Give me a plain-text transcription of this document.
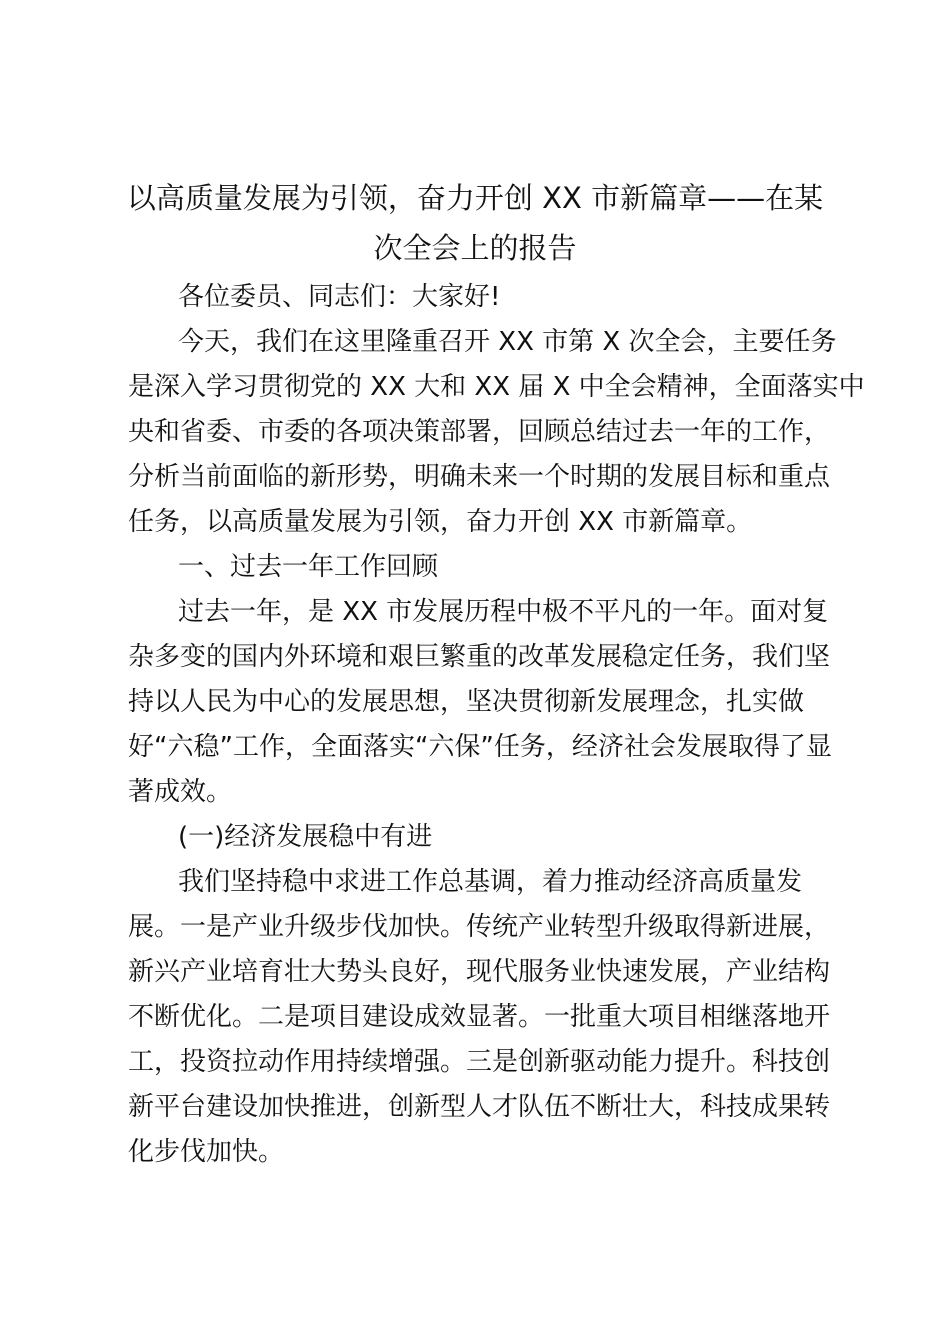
以高质量发展为引领，奋力开创 XX 市新篇章——在某
次全会上的报告
各位委员、同志们：大家好!
今天，我们在这里隆重召开 XX 市第 X 次全会，主要任务
是深入学习贯彻党的 XX 大和 XX 届 X 中全会精神，全面落实中
央和省委、市委的各项决策部署，回顾总结过去一年的工作，
分析当前面临的新形势，明确未来一个时期的发展目标和重点
任务，以高质量发展为引领，奋力开创 XX 市新篇章。
一、过去一年工作回顾
过去一年，是 XX 市发展历程中极不平凡的一年。面对复
杂多变的国内外环境和艰巨繁重的改革发展稳定任务，我们坚
持以人民为中心的发展思想，坚决贯彻新发展理念，扎实做
好“六稳”工作，全面落实“六保”任务，经济社会发展取得了显
著成效。
(一)经济发展稳中有进
我们坚持稳中求进工作总基调，着力推动经济高质量发
展。一是产业升级步伐加快。传统产业转型升级取得新进展，
新兴产业培育壮大势头良好，现代服务业快速发展，产业结构
不断优化。二是项目建设成效显著。一批重大项目相继落地开
工，投资拉动作用持续增强。三是创新驱动能力提升。科技创
新平台建设加快推进，创新型人才队伍不断壮大，科技成果转
化步伐加快。
